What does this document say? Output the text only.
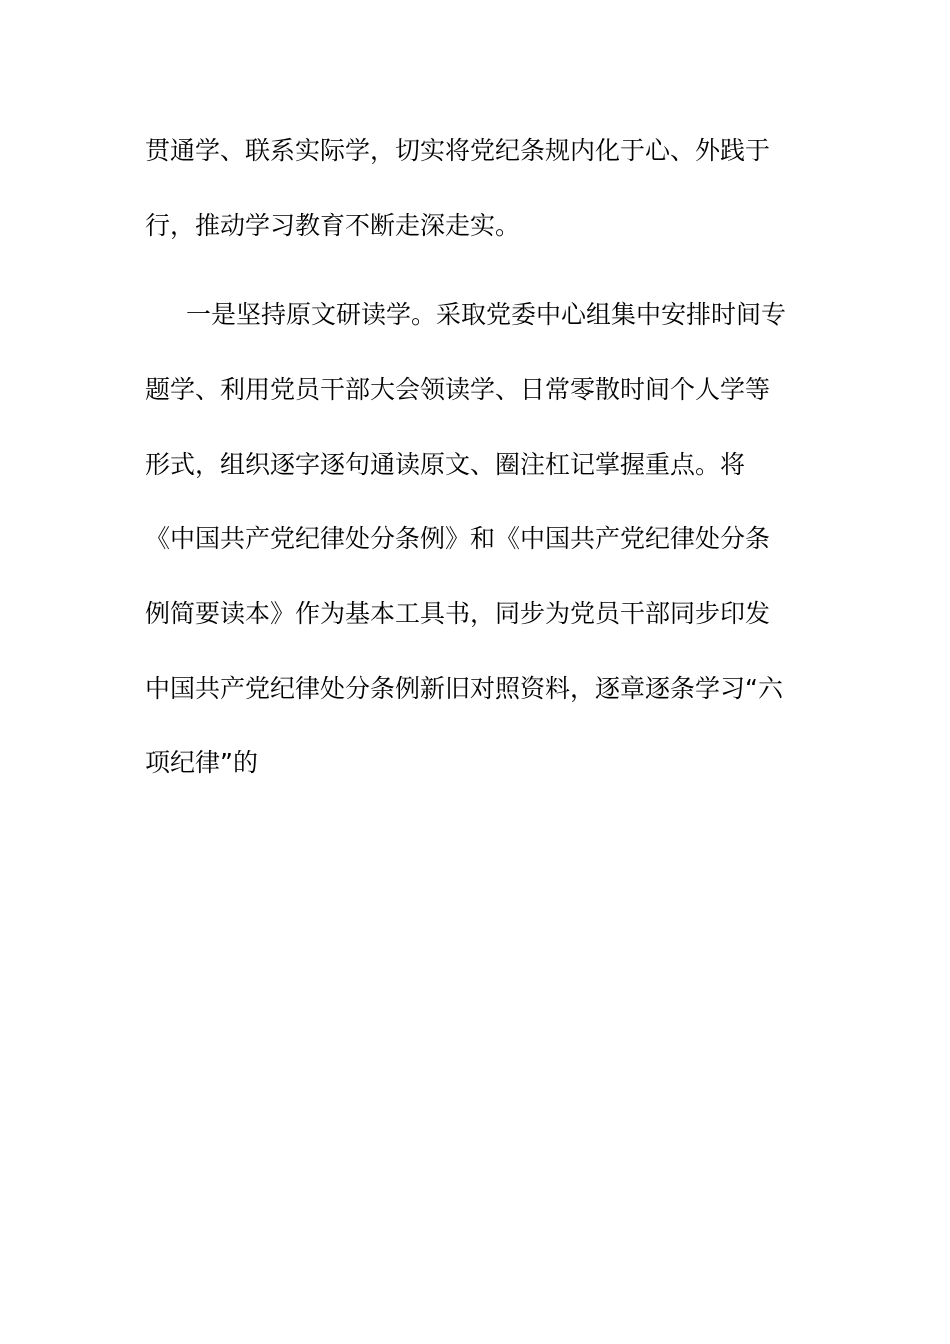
贯通学、联系实际学，切实将党纪条规内化于心、外践于
行，推动学习教育不断走深走实。
一是坚持原文研读学。采取党委中心组集中安排时间专
题学、利用党员干部大会领读学、日常零散时间个人学等
形式，组织逐字逐句通读原文、圈注杠记掌握重点。将
《中国共产党纪律处分条例》和《中国共产党纪律处分条
例简要读本》作为基本工具书，同步为党员干部同步印发
中国共产党纪律处分条例新旧对照资料，逐章逐条学习“六
项纪律”的
